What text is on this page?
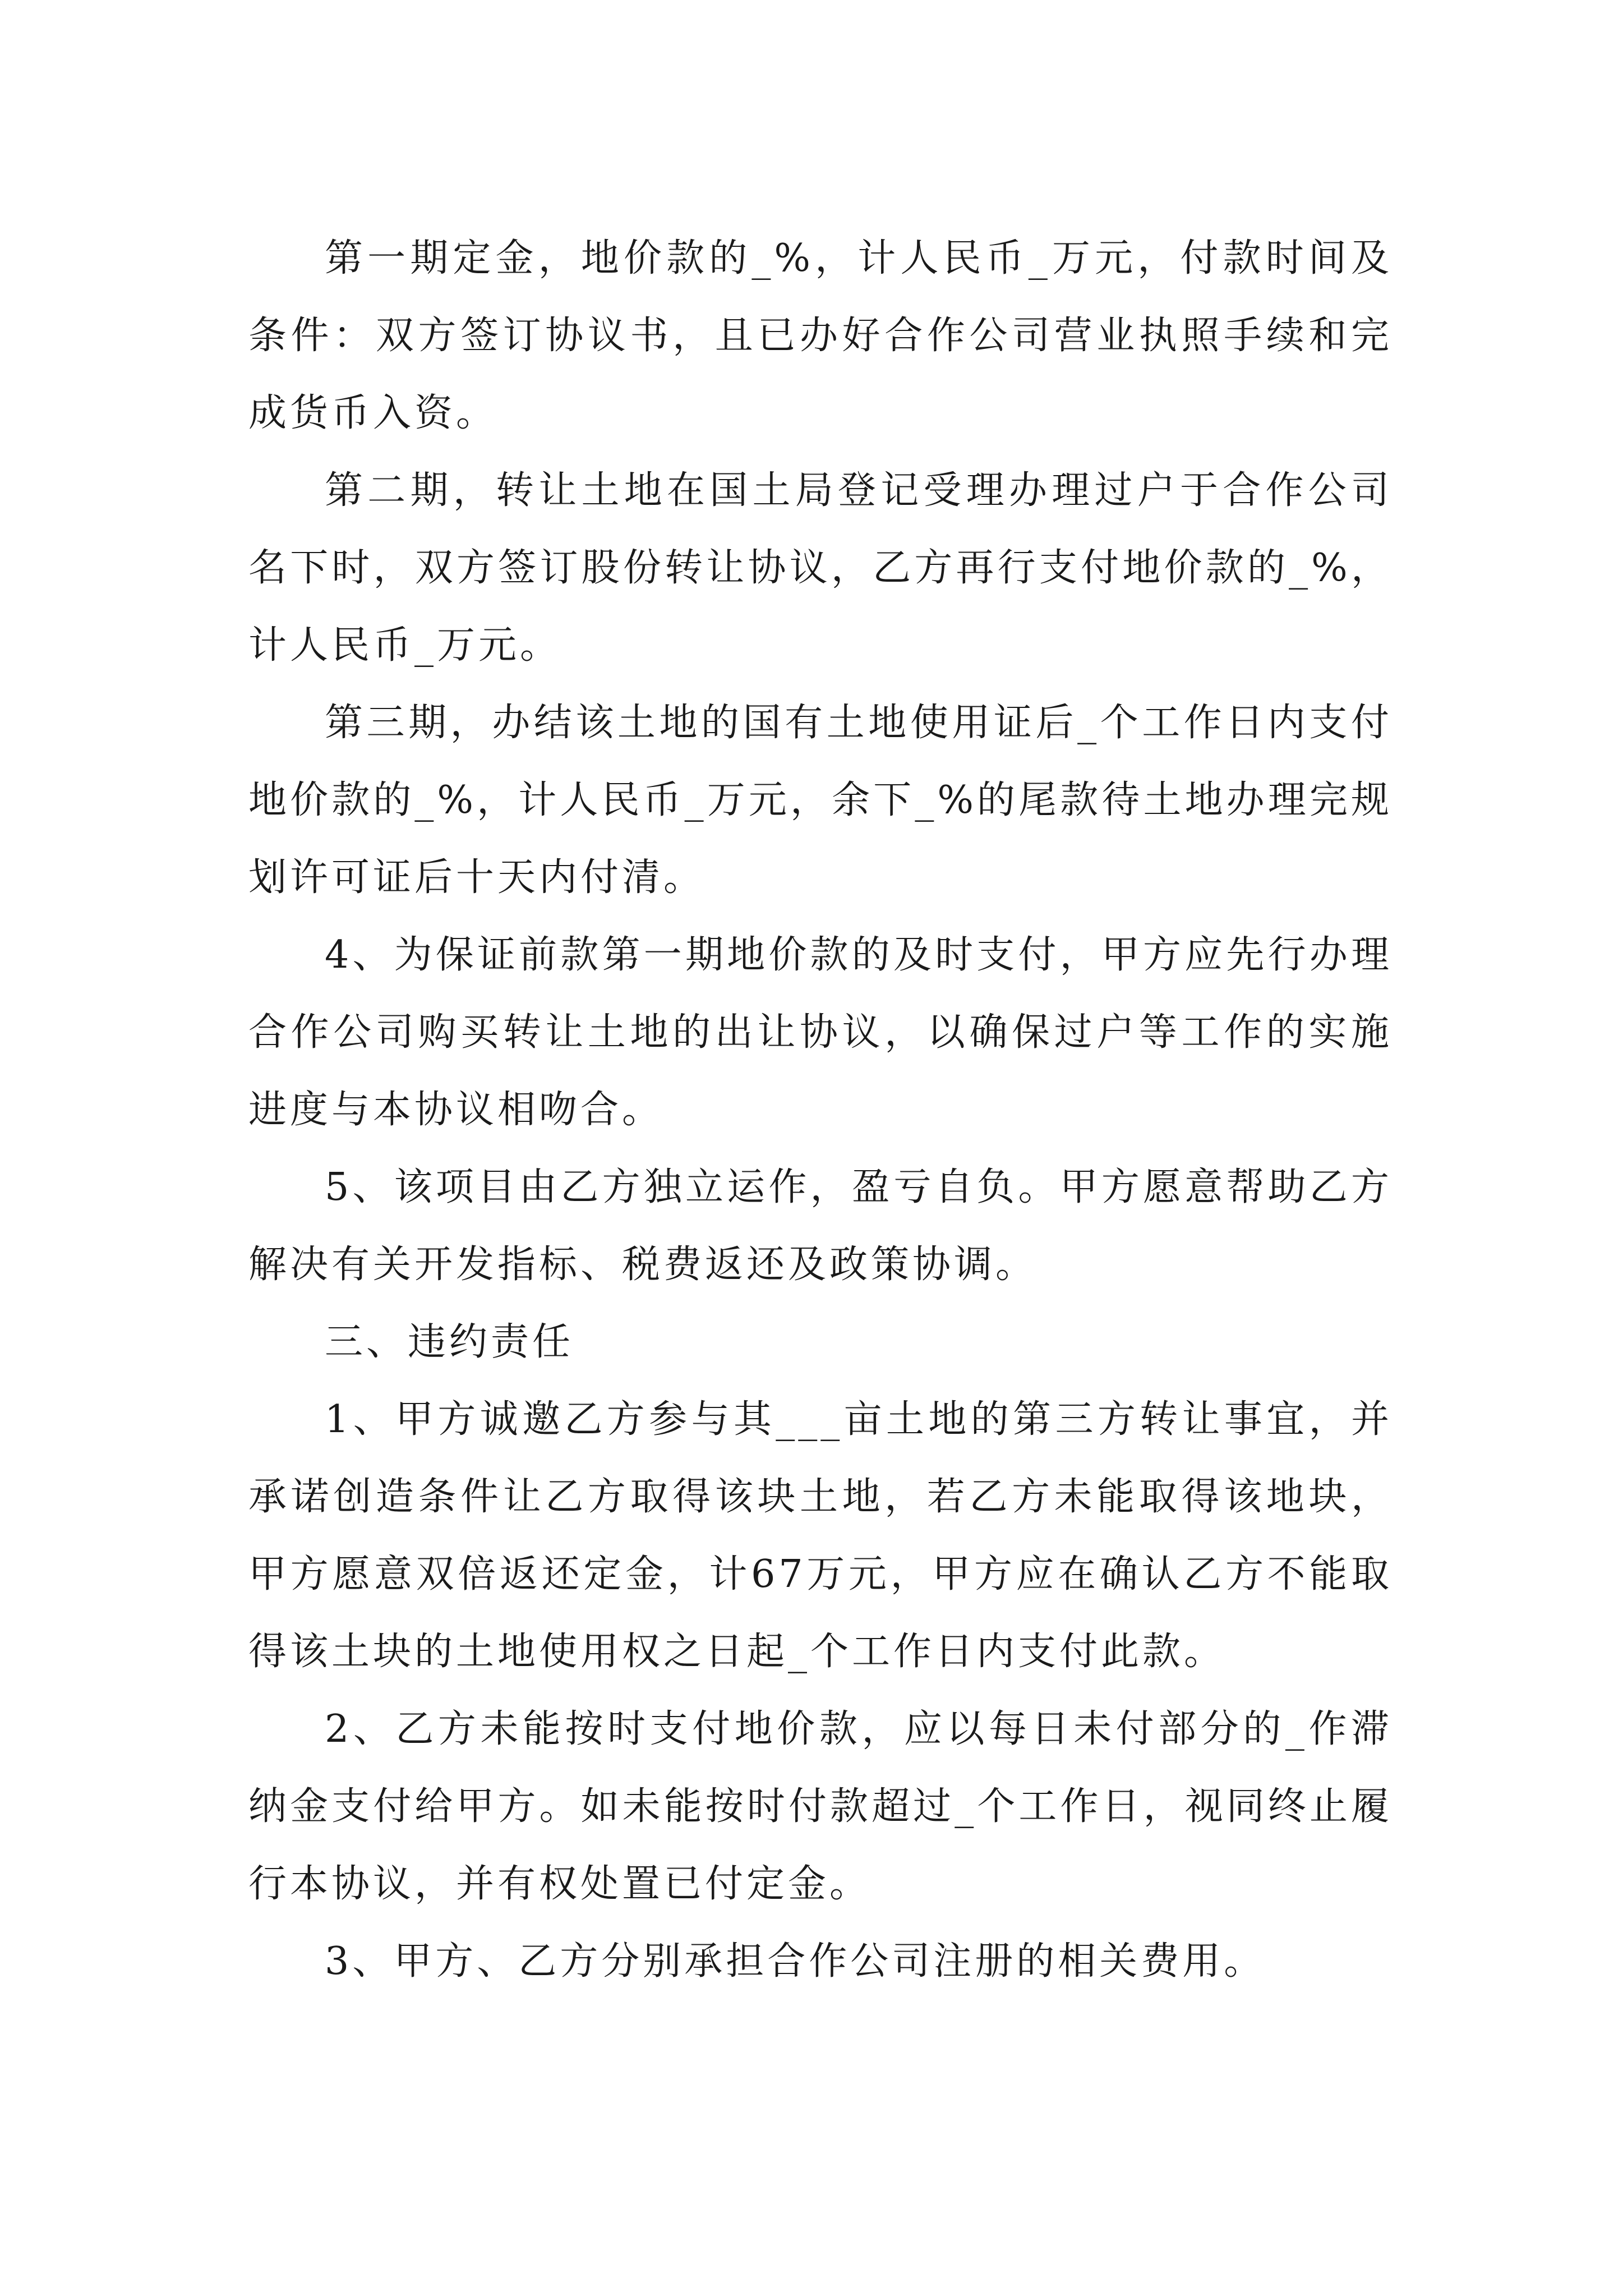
第一期定金，地价款的_%，计人民币_万元，付款时间及条件：双方签订协议书，且已办好合作公司营业执照手续和完成货币入资。

第二期，转让土地在国土局登记受理办理过户于合作公司名下时，双方签订股份转让协议，乙方再行支付地价款的_%，计人民币_万元。

第三期，办结该土地的国有土地使用证后_个工作日内支付地价款的_%，计人民币_万元，余下_%的尾款待土地办理完规划许可证后十天内付清。

4、为保证前款第一期地价款的及时支付，甲方应先行办理合作公司购买转让土地的出让协议，以确保过户等工作的实施进度与本协议相吻合。

5、该项目由乙方独立运作，盈亏自负。甲方愿意帮助乙方解决有关开发指标、税费返还及政策协调。

三、违约责任

1、甲方诚邀乙方参与其___亩土地的第三方转让事宜，并承诺创造条件让乙方取得该块土地，若乙方未能取得该地块，甲方愿意双倍返还定金，计67万元，甲方应在确认乙方不能取得该土块的土地使用权之日起_个工作日内支付此款。

2、乙方未能按时支付地价款，应以每日未付部分的_作滞纳金支付给甲方。如未能按时付款超过_个工作日，视同终止履行本协议，并有权处置已付定金。

3、甲方、乙方分别承担合作公司注册的相关费用。
